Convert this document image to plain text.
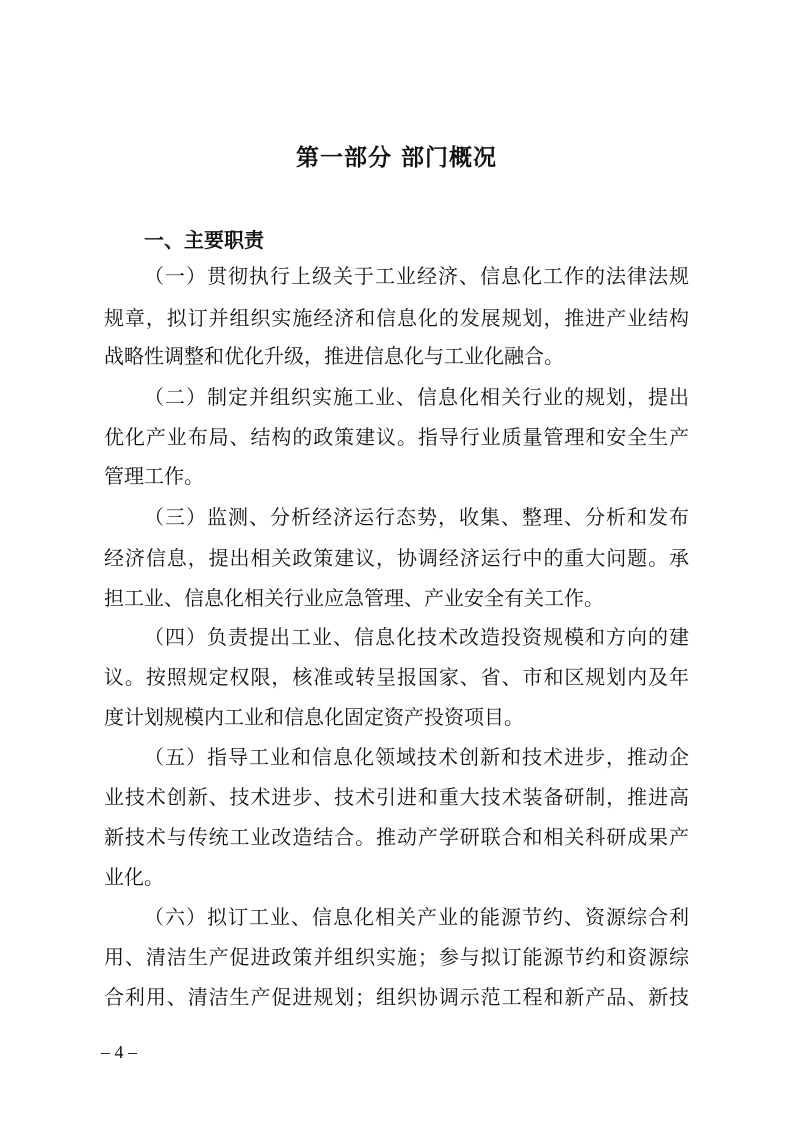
第一部分 部门概况
一、主要职责

（一）贯彻执行上级关于工业经济、信息化工作的法律法规

规章，拟订并组织实施经济和信息化的发展规划，推进产业结构

战略性调整和优化升级，推进信息化与工业化融合。

（二）制定并组织实施工业、信息化相关行业的规划，提出

优化产业布局、结构的政策建议。指导行业质量管理和安全生产

管理工作。

（三）监测、分析经济运行态势，收集、整理、分析和发布

经济信息，提出相关政策建议，协调经济运行中的重大问题。承

担工业、信息化相关行业应急管理、产业安全有关工作。

（四）负责提出工业、信息化技术改造投资规模和方向的建

议。按照规定权限，核准或转呈报国家、省、市和区规划内及年

度计划规模内工业和信息化固定资产投资项目。

（五）指导工业和信息化领域技术创新和技术进步，推动企

业技术创新、技术进步、技术引进和重大技术装备研制，推进高

新技术与传统工业改造结合。推动产学研联合和相关科研成果产

业化。

（六）拟订工业、信息化相关产业的能源节约、资源综合利

用、清洁生产促进政策并组织实施；参与拟订能源节约和资源综

合利用、清洁生产促进规划；组织协调示范工程和新产品、新技

– 4 –
